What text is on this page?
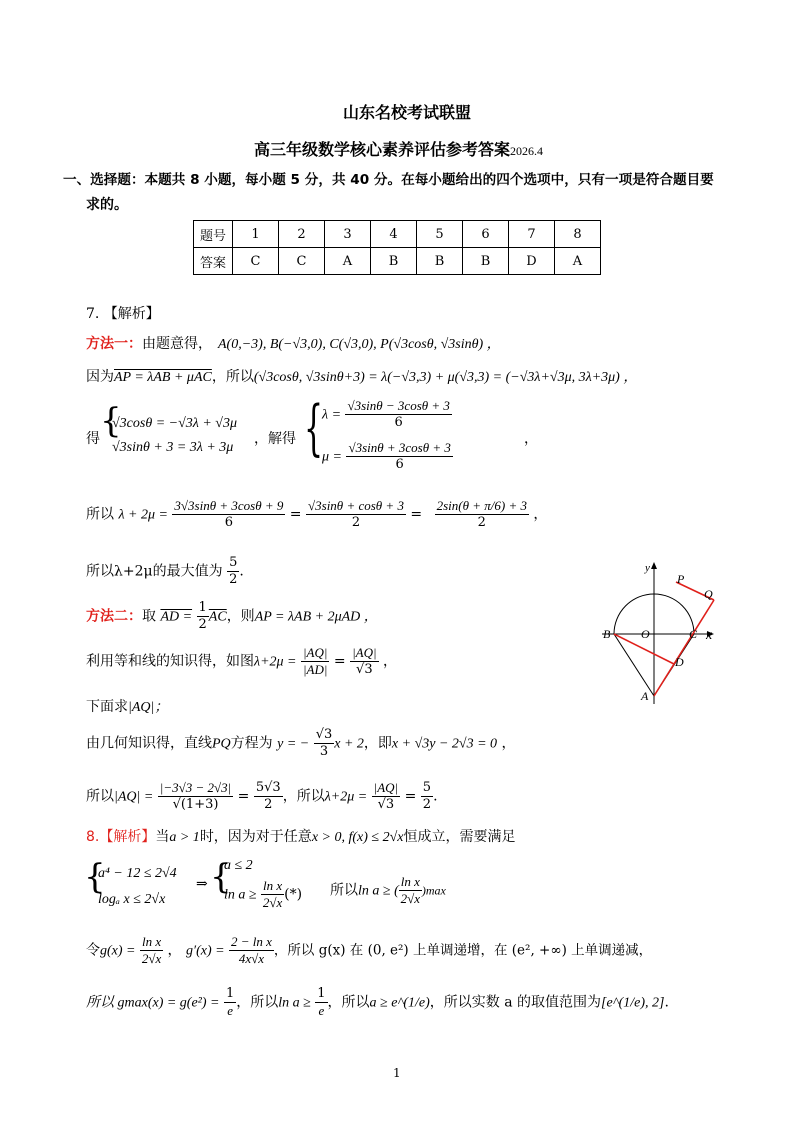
山东名校考试联盟
高三年级数学核心素养评估参考答案2026.4
一、选择题：本题共 8 小题，每小题 5 分，共 40 分。在每小题给出的四个选项中，只有一项是符合题目要
求的。
题号	1	2	3	4	5	6	7	8
答案	C	C	A	B	B	B	D	A
7. 【解析】
方法一：由题意得， A(0,−3), B(−√3,0), C(√3,0), P(√3cosθ, √3sinθ) ，
因为AP = λAB + μAC，所以(√3cosθ, √3sinθ+3) = λ(−√3,3) + μ(√3,3) = (−√3λ+√3μ, 3λ+3μ) ，
得 {
√3cosθ = −√3λ + √3μ
√3sinθ + 3 = 3λ + 3μ
，解得 {
$\lambda = \frac{√3\sin\theta - 3\cos\theta + 3}{6}$
$\mu = \frac{√3\sin\theta + 3\cos\theta + 3}{6}$
，
所以 $\lambda + 2\mu = \frac{3√3\sin\theta + 3\cos\theta + 9}{6} = \frac{√3\sin\theta + \cos\theta + 3}{2} = \frac{2\sin(\theta + \pi/6) + 3}{2}$ ，
所以λ+2μ的最大值为 $\frac{5}{2}$ .
方法二：取 AD = $\frac{1}{2} \overline{AC}$，则AP = λAB + 2μAD ，
利用等和线的知识得，如图$\lambda+2\mu = \frac{|AQ|}{|AD|} = \frac{|AQ|}{√3}$ ，
下面求|AQ|；
由几何知识得，直线PQ方程为 y = − $\frac{√3}{3}$ x + 2，即x + √3y − 2√3 = 0 ，
所以$|AQ| = \frac{|-3√3 - 2√3|}{√(1+3)} = \frac{5√3}{2}$ ，所以$\lambda+2\mu = \frac{|AQ|}{√3} = \frac{5}{2}$ .
y
x
P
Q
B	O	C
D
A
8.【解析】当a > 1时，因为对于任意x > 0, f(x) ≤ 2√x恒成立，需要满足
{
a⁴ − 12 ≤ 2√4
logₐ x ≤ 2√x
⇒ {
a ≤ 2
$\ln a \ge \frac{\text{ln x}}{2√x}$ (*) 所以ln a ≥ ( $\frac{\text{ln x}}{2√x} )\max$
令$g(x) = \frac{\text{ln x}}{2√x}$ ， $g'(x) = \frac{\text{2 − ln x}}{4x√x}$ ，所以 g(x) 在 (0, e²) 上单调递增，在 (e², +∞) 上单调递减，
所以 $gmax(x) = g(e^2) = \frac{1}{e}$ ，所以$\ln a \ge \frac{1}{e}$ ，所以a ≥ e^(1/e)，所以实数 a 的取值范围为[e^(1/e), 2].
1
